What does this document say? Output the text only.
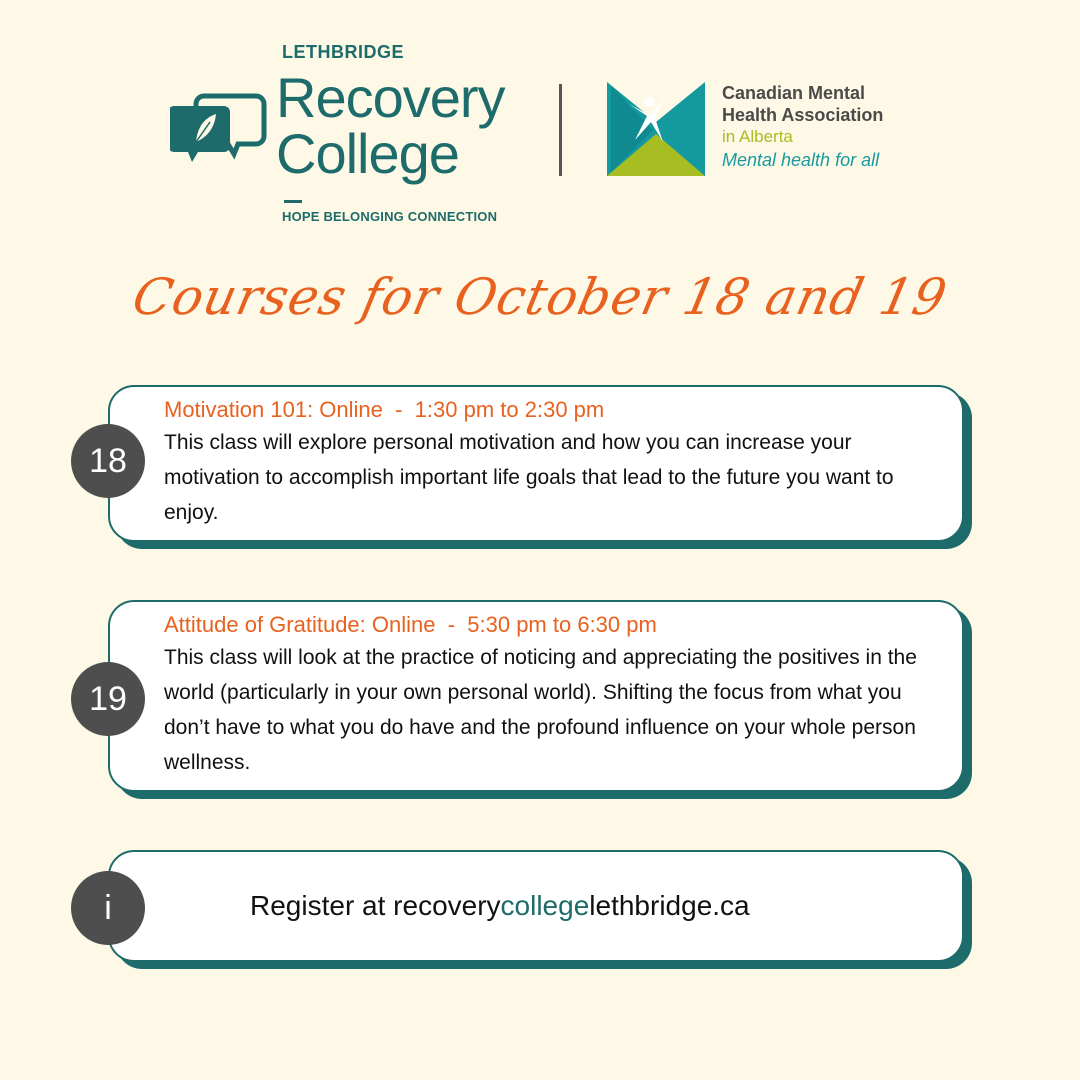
LETHBRIDGE
Recovery
College
HOPE BELONGING CONNECTION
Canadian Mental
Health Association
in Alberta
Mental health for all
Courses for October 18 and 19
Motivation 101: Online  -  1:30 pm to 2:30 pm
This class will explore personal motivation and how you can increase your motivation to accomplish important life goals that lead to the future you want to enjoy.
18
Attitude of Gratitude: Online  -  5:30 pm to 6:30 pm
This class will look at the practice of noticing and appreciating the positives in the world (particularly in your own personal world). Shifting the focus from what you don’t have to what you do have and the profound influence on your whole person wellness.
19
Register at recoverycollegelethbridge.ca
i
